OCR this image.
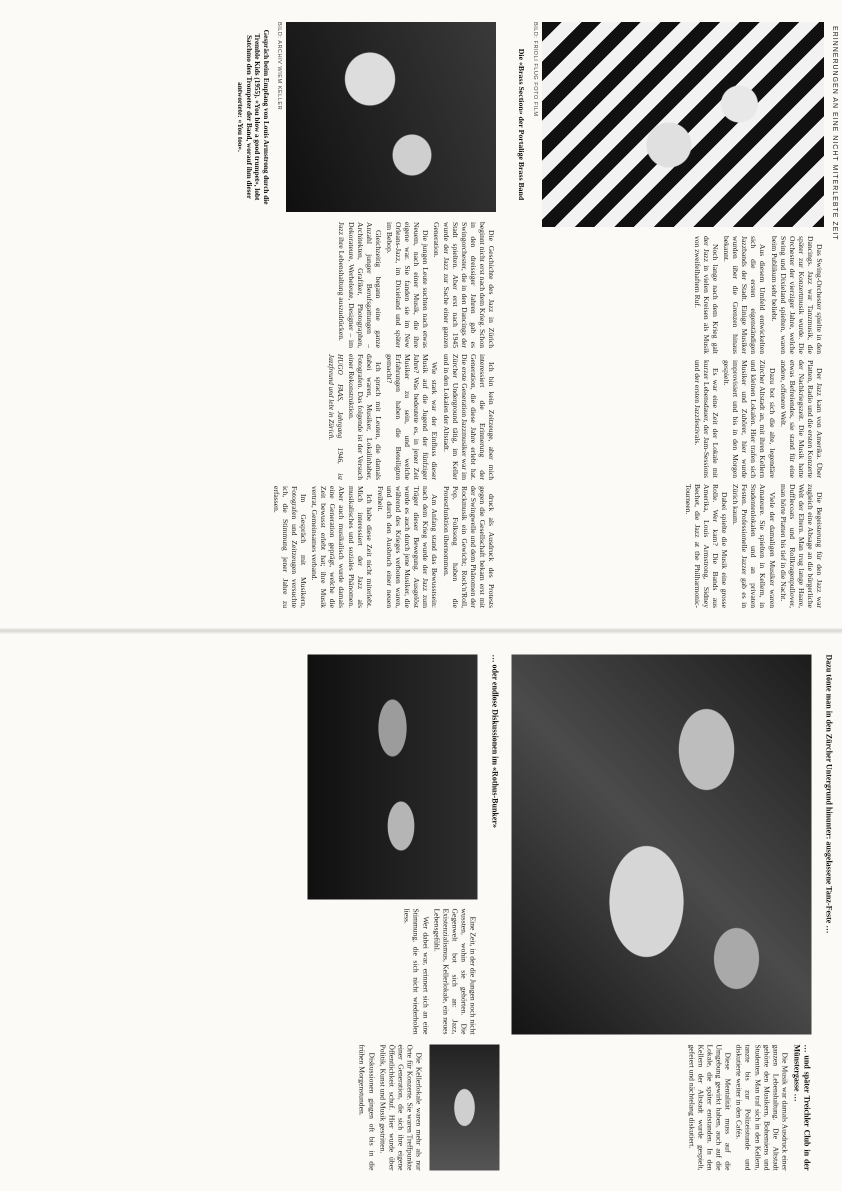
ERINNERUNGEN AN EINE NICHT MITERLEBTE ZEIT
BILD: FRIDLI FLUG FOTO FILM
Die «Brass Section» der Portalige Brass Band

Das Swing-Orchester spielte in den Dancings. Jazz war Tanzmusik, die später zur Konzertmusik wurde. Die Orchester der vierziger Jahre, welche Swing und Dixieland spielten, waren beim Publikum sehr beliebt.

Aus diesem Umfeld entwickelten sich die ersten eigenständigen Jazzbands der Stadt. Einige Musiker wurden über die Grenzen hinaus bekannt.

Noch lange nach dem Krieg galt der Jazz in vielen Kreisen als Musik von zweifelhaftem Ruf.

Der Jazz kam von Amerika. Über Platten, Radio und die ersten Konzerte der Nachkriegszeit. Die Musik hatte etwas Befreiendes, sie stand für eine andere, offenere Welt.

Dazu bot sich die alte, legendäre Zürcher Altstadt an, mit ihren Kellern und kleinen Lokalen. Hier trafen sich Musiker und Zuhörer, hier wurde improvisiert und bis in den Morgen gespielt.

Es war eine Zeit der Lokale mit kurzer Lebensdauer, der Jam-Sessions und der ersten Jazzfestivals.

Die Begeisterung für den Jazz war zugleich eine Absage an die bürgerliche Welt der Eltern. Man trug lange Haare, Dufflecoats und Rollkragenpullover, man hörte Platten bis tief in die Nacht.

Viele der damaligen Musiker waren Amateure. Sie spielten in Kellern, in Studentenlokalen und an privaten Festen. Professionelle Jazzer gab es in Zürich kaum.

Dabei spielte die Musik eine grosse Rolle. Wer kam? Die Bands aus Amerika, Louis Armstrong, Sidney Bechet, die Jazz at the Philharmonic-Tourneen.

BILD: ARCHIV WIEM KELLER
Gespräch beim Empfang von Louis Armstrong durch die Tremble Kids (1955). «You blow a good trumpet», lobt Satchmo den Trompeter der Band, worauf ihm dieser antwortete: «You too».

Die Geschichte des Jazz in Zürich beginnt nicht erst nach dem Krieg. Schon in den dreissiger Jahren gab es Swingorchester, die in den Dancings der Stadt spielten. Aber erst nach 1945 wurde der Jazz zur Sache einer ganzen Generation.

Die jungen Leute suchten nach etwas Neuem, nach einer Musik, die ihre eigene war. Sie fanden sie im New Orleans-Jazz, im Dixieland und später im Bebop.

Gleichzeitig begann eine ganze Anzahl junger Berufsgattungen – Architekten, Grafiker, Photographen, Dekorateure, Werbeleute, Designer – im Jazz ihre Lebenshaltung auszudrücken.

Ich bin kein Zeitzeuge, aber mich interessiert die Erinnerung der Generation, die diese Jahre erlebt hat. Die erste Generation Jazzmusiker war im Zürcher Underground tätig, im Keller und in den Lokalen der Altstadt.

Wie stark war der Einfluss dieser Musik auf die Jugend der fünfziger Jahre? Was bedeutete es, in jener Zeit Musiker zu sein, und welche Erfahrungen haben die Beteiligten gemacht?

Ich sprach mit Leuten, die damals dabei waren, Musiker, Lokalinhaber, Fotografen. Das folgende ist der Versuch einer Rekonstruktion.

HUGO FAAS, Jahrgang 1946, ist Jazzfreund und lebt in Zürich.

druck als Ausdruck des Protests gegen die Gesellschaft bekam erst mit der Swingwelle und dem Phänomen der Rockmusik ein Gewicht; Rock'n'Roll, Pop, Folksong haben die Protestfunktion übernommen.

Am Anfang stand das Bewusstsein: nach dem Krieg wurde der Jazz zum Träger dieser Bewegung. Ausgelöst wurde es auch durch jene Musiker, die während des Krieges verboten waren, und durch den Ausbruch einer neuen Freiheit.

Ich habe diese Zeit nicht miterlebt. Mich interessiert der Jazz als musikalisches und soziales Phänomen. Aber auch musikalisch wurde damals eine Generation geprägt, welche die Zeit bewusst erlebt hat; ihre Musik vertrat, Gemeinsames verband.

Im Gespräch mit Musikern, Fotografen und Zeitzeugen versuchte ich, die Stimmung jener Jahre zu erfassen.

Dazu tönte man in den Zürcher Untergrund hinunter: ausgelassene Tanz-Feste …
… und später Treichler Club in der Münstergasse …

Die Musik war damals Ausdruck einer ganzen Lebenshaltung. Die Altstadt gehörte den Musikern, Bohemiens und Studenten. Man traf sich in den Kellern, tanzte bis zur Polizeistunde und diskutierte weiter in den Cafés.

Diese Mentalität muss auf die Umgebung gewirkt haben, auch auf die Lokale, die später entstanden. In den Kellern der Altstadt wurde gespielt, gefeiert und nächtelang diskutiert.

… oder endlose Diskussionen im «Rothus-Bunker»

Eine Zeit, in der die Jungen noch nicht wussten, wohin sie gehörten. Die Gegenwelt bot sich an: Jazz, Existenzialismus, Kellerlokale, ein neues Lebensgefühl.

Wer dabei war, erinnert sich an eine Stimmung, die sich nicht wiederholen liess.

Die Kellerlokale waren mehr als nur Orte für Konzerte. Sie waren Treffpunkte einer Generation, die sich ihre eigene Öffentlichkeit schuf. Hier wurde über Politik, Kunst und Musik gestritten.

Diskussionen gingen oft bis in die frühen Morgenstunden.
